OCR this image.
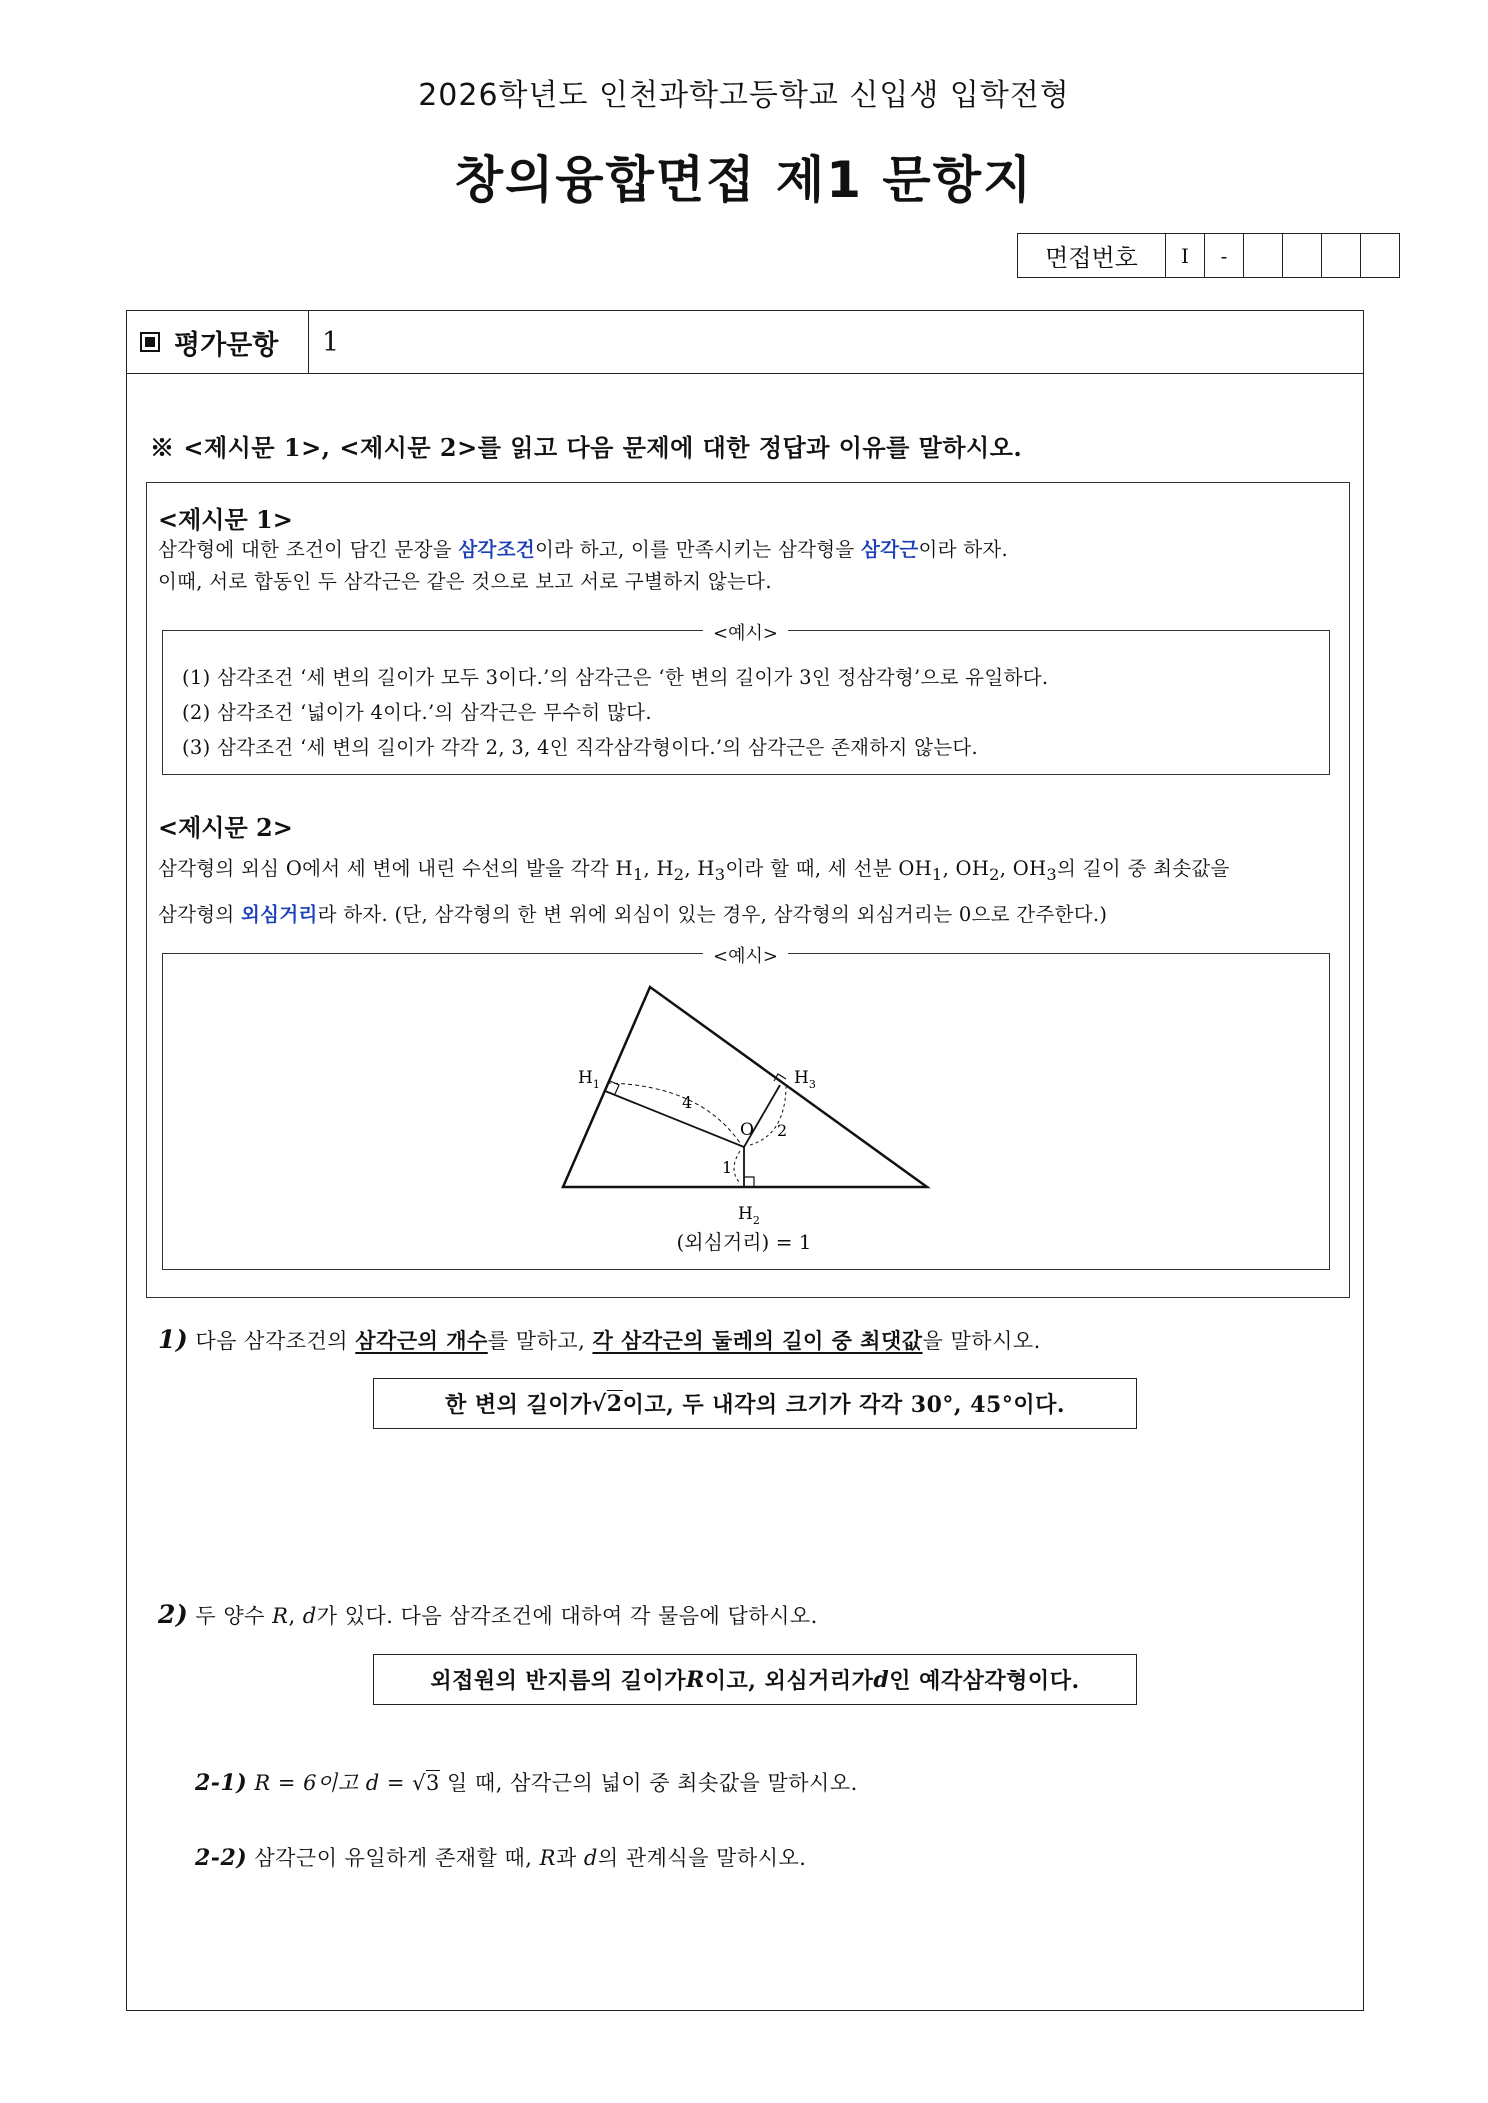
2026학년도 인천과학고등학교 신입생 입학전형
창의융합면접 제1 문항지
면접번호	I	-
평가문항 1
※ <제시문 1>, <제시문 2>를 읽고 다음 문제에 대한 정답과 이유를 말하시오.
<제시문 1>
삼각형에 대한 조건이 담긴 문장을 삼각조건이라 하고, 이를 만족시키는 삼각형을 삼각근이라 하자.
이때, 서로 합동인 두 삼각근은 같은 것으로 보고 서로 구별하지 않는다.
<예시>
(1) 삼각조건 ‘세 변의 길이가 모두 3이다.’의 삼각근은 ‘한 변의 길이가 3인 정삼각형’으로 유일하다.
(2) 삼각조건 ‘넓이가 4이다.’의 삼각근은 무수히 많다.
(3) 삼각조건 ‘세 변의 길이가 각각 2, 3, 4인 직각삼각형이다.’의 삼각근은 존재하지 않는다.
<제시문 2>
삼각형의 외심 O에서 세 변에 내린 수선의 발을 각각 $H_1$, $H_2$, $H_3$이라 할 때, 세 선분 $OH_1$, $OH_2$, $OH_3$의 길이 중 최솟값을
삼각형의 외심거리라 하자. (단, 삼각형의 한 변 위에 외심이 있는 경우, 삼각형의 외심거리는 0으로 간주한다.)
<예시>
$H_1$
$H_2$
$H_3$
O
4
1
2
(외심거리) = 1
1) 다음 삼각조건의 삼각근의 개수를 말하고, 각 삼각근의 둘레의 길이 중 최댓값을 말하시오.
한 변의 길이가 √ 2 이고, 두 내각의 크기가 각각 30°, 45°이다.
2) 두 양수 R, d가 있다. 다음 삼각조건에 대하여 각 물음에 답하시오.
외접원의 반지름의 길이가 R 이고, 외심거리가 d 인 예각삼각형이다.
2-1) R = 6이고 d = √3 일 때, 삼각근의 넓이 중 최솟값을 말하시오.
2-2) 삼각근이 유일하게 존재할 때, R과 d의 관계식을 말하시오.
